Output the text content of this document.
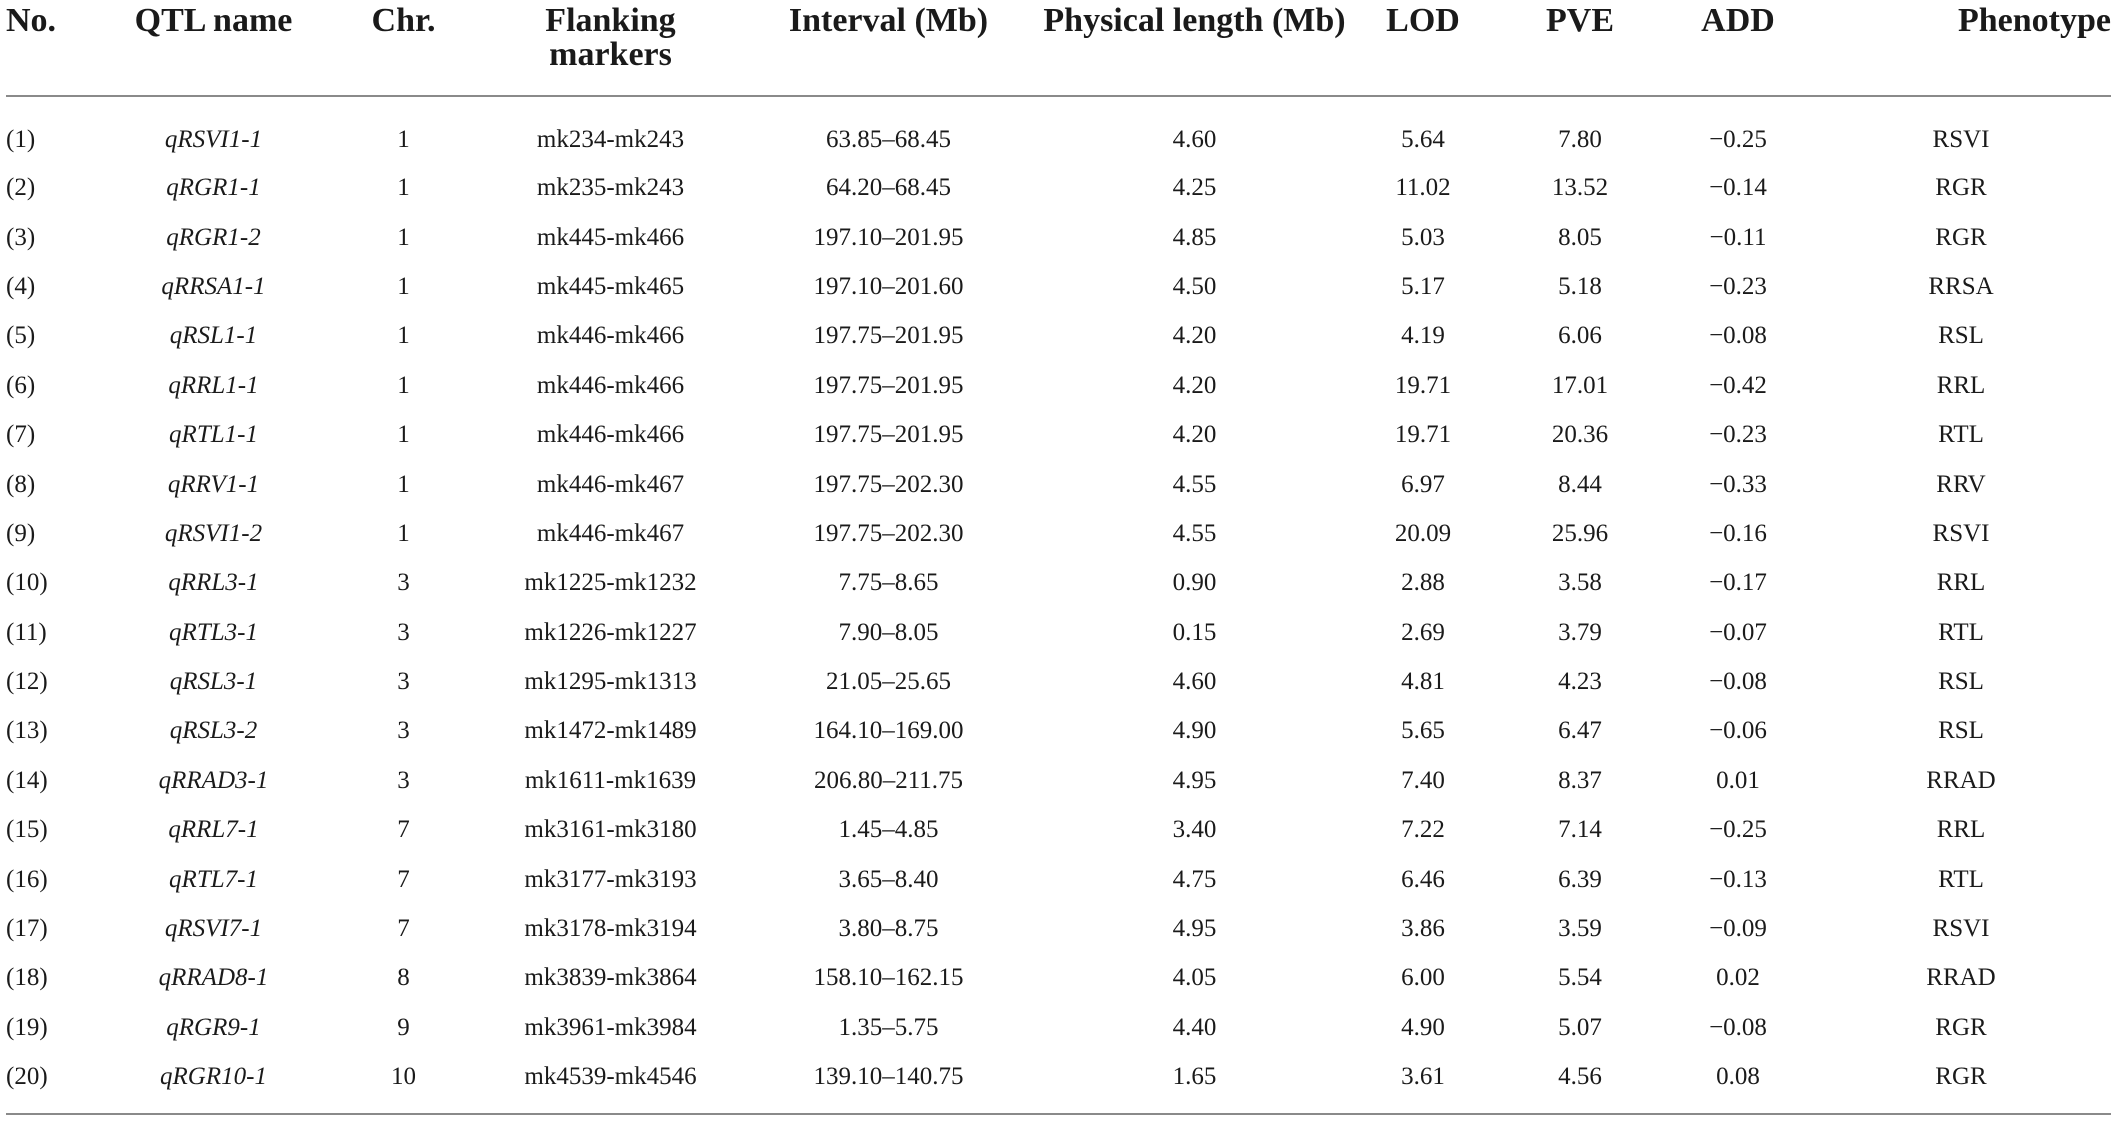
No.	QTL name	Chr.	Flanking markers	Interval (Mb)	Physical length (Mb)	LOD	PVE	ADD	Phenotype
(1)	qRSVI1-1	1	mk234-mk243	63.85–68.45	4.60	5.64	7.80	−0.25	RSVI
(2)	qRGR1-1	1	mk235-mk243	64.20–68.45	4.25	11.02	13.52	−0.14	RGR
(3)	qRGR1-2	1	mk445-mk466	197.10–201.95	4.85	5.03	8.05	−0.11	RGR
(4)	qRRSA1-1	1	mk445-mk465	197.10–201.60	4.50	5.17	5.18	−0.23	RRSA
(5)	qRSL1-1	1	mk446-mk466	197.75–201.95	4.20	4.19	6.06	−0.08	RSL
(6)	qRRL1-1	1	mk446-mk466	197.75–201.95	4.20	19.71	17.01	−0.42	RRL
(7)	qRTL1-1	1	mk446-mk466	197.75–201.95	4.20	19.71	20.36	−0.23	RTL
(8)	qRRV1-1	1	mk446-mk467	197.75–202.30	4.55	6.97	8.44	−0.33	RRV
(9)	qRSVI1-2	1	mk446-mk467	197.75–202.30	4.55	20.09	25.96	−0.16	RSVI
(10)	qRRL3-1	3	mk1225-mk1232	7.75–8.65	0.90	2.88	3.58	−0.17	RRL
(11)	qRTL3-1	3	mk1226-mk1227	7.90–8.05	0.15	2.69	3.79	−0.07	RTL
(12)	qRSL3-1	3	mk1295-mk1313	21.05–25.65	4.60	4.81	4.23	−0.08	RSL
(13)	qRSL3-2	3	mk1472-mk1489	164.10–169.00	4.90	5.65	6.47	−0.06	RSL
(14)	qRRAD3-1	3	mk1611-mk1639	206.80–211.75	4.95	7.40	8.37	0.01	RRAD
(15)	qRRL7-1	7	mk3161-mk3180	1.45–4.85	3.40	7.22	7.14	−0.25	RRL
(16)	qRTL7-1	7	mk3177-mk3193	3.65–8.40	4.75	6.46	6.39	−0.13	RTL
(17)	qRSVI7-1	7	mk3178-mk3194	3.80–8.75	4.95	3.86	3.59	−0.09	RSVI
(18)	qRRAD8-1	8	mk3839-mk3864	158.10–162.15	4.05	6.00	5.54	0.02	RRAD
(19)	qRGR9-1	9	mk3961-mk3984	1.35–5.75	4.40	4.90	5.07	−0.08	RGR
(20)	qRGR10-1	10	mk4539-mk4546	139.10–140.75	1.65	3.61	4.56	0.08	RGR
